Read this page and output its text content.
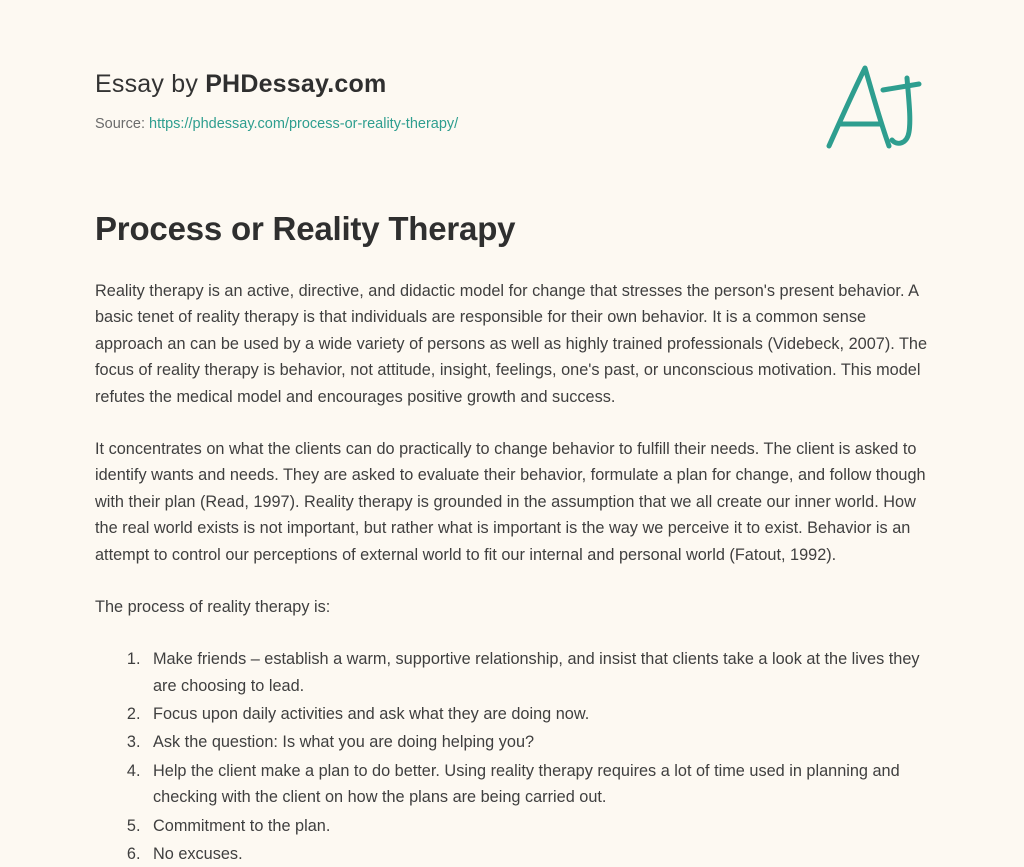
Essay by PHDessay.com
Source: https://phdessay.com/process-or-reality-therapy/
Process or Reality Therapy

Reality therapy is an active, directive, and didactic model for change that stresses the person's present behavior. A basic tenet of reality therapy is that individuals are responsible for their own behavior. It is a common sense approach an can be used by a wide variety of persons as well as highly trained professionals (Videbeck, 2007). The focus of reality therapy is behavior, not attitude, insight, feelings, one's past, or unconscious motivation. This model refutes the medical model and encourages positive growth and success.

It concentrates on what the clients can do practically to change behavior to fulfill their needs. The client is asked to identify wants and needs. They are asked to evaluate their behavior, formulate a plan for change, and follow though with their plan (Read, 1997). Reality therapy is grounded in the assumption that we all create our inner world. How the real world exists is not important, but rather what is important is the way we perceive it to exist. Behavior is an attempt to control our perceptions of external world to fit our internal and personal world (Fatout, 1992).

The process of reality therapy is:

1. Make friends – establish a warm, supportive relationship, and insist that clients take a look at the lives they are choosing to lead.
2. Focus upon daily activities and ask what they are doing now.
3. Ask the question: Is what you are doing helping you?
4. Help the client make a plan to do better. Using reality therapy requires a lot of time used in planning and checking with the client on how the plans are being carried out.
5. Commitment to the plan.
6. No excuses.
